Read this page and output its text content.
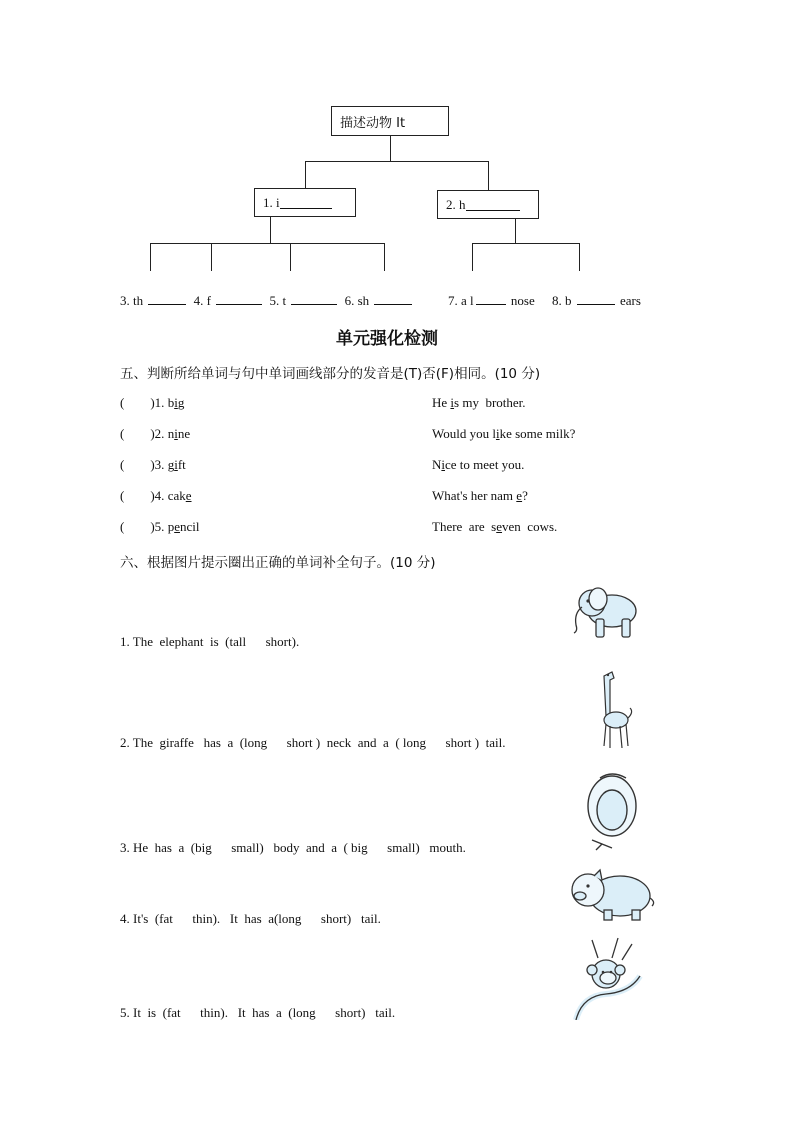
描述动物 It
1. i	2. h
3. th	4. f	5. t	6. sh	7. a l	nose 8. b	ears
单元强化检测
五、判断所给单词与句中单词画线部分的发音是(T)否(F)相同。(10 分)
( )1. big	He is my  brother.
( )2. nine	Would you like some milk?
( )3. gift	Nice to meet you.
( )4. cake	What's her nam e?
( )5. pencil	There  are  seven  cows.
六、根据图片提示圈出正确的单词补全句子。(10 分)
1. The  elephant  is  (tall      short).
2. The  giraffe   has  a  (long      short )  neck  and  a  ( long      short )  tail.
3. He  has  a  (big      small)   body  and  a  ( big      small)   mouth.
4. It's  (fat      thin).   It  has  a(long      short)   tail.
5. It  is  (fat      thin).   It  has  a  (long      short)   tail.
